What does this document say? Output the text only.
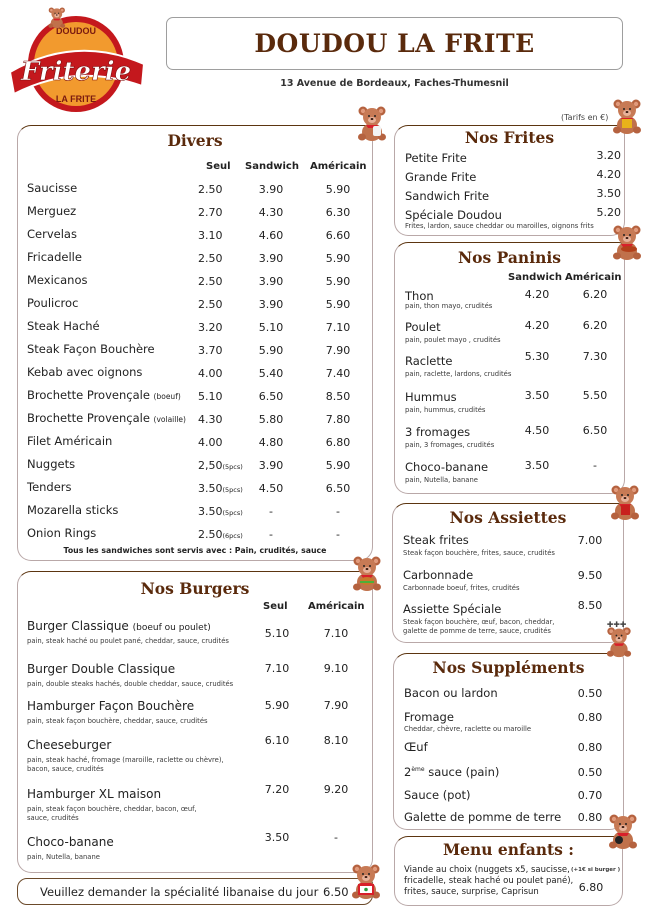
DOUDOU
Friterie
LA FRITE
DOUDOU LA FRITE
13 Avenue de Bordeaux, Faches-Thumesnil
(Tarifs en €)
Divers
Seul Sandwich Américain
Saucisse	2.50	3.90	5.90
Merguez	2.70	4.30	6.30
Cervelas	3.10	4.60	6.60
Fricadelle	2.50	3.90	5.90
Mexicanos	2.50	3.90	5.90
Poulicroc	2.50	3.90	5.90
Steak Haché	3.20	5.10	7.10
Steak Façon Bouchère	3.70	5.90	7.90
Kebab avec oignons	4.00	5.40	7.40
Brochette Provençale (boeuf) 5.10	6.50	8.50
Brochette Provençale (volaille) 4.30	5.80	7.80
Filet Américain	4.00	4.80	6.80
Nuggets	2,50(5pcs)	3.90	5.90
Tenders	3.50(5pcs)	4.50	6.50
Mozarella sticks	3.50(5pcs)	-	-
Onion Rings	2.50(6pcs)	-	-
Tous les sandwiches sont servis avec : Pain, crudités, sauce
Nos Burgers
Seul Américain
Burger Classique (boeuf ou poulet)
pain, steak haché ou poulet pané, cheddar, sauce, crudités
5.10	7.10
Burger Double Classique
pain, double steaks hachés, double cheddar, sauce, crudités
7.10	9.10
Hamburger Façon Bouchère
pain, steak façon bouchère, cheddar, sauce, crudités
5.90	7.90
Cheeseburger
pain, steak haché, fromage (maroille, raclette ou chèvre),
bacon, sauce, crudités
6.10	8.10
Hamburger XL maison
pain, steak façon bouchère, cheddar, bacon, œuf,
sauce, crudités
7.20	9.20
Choco-banane
pain, Nutella, banane
3.50	-
Veuillez demander la spécialité libanaise du jour 6.50
Nos Frites
Petite Frite	3.20
Grande Frite	4.20
Sandwich Frite	3.50
Spéciale Doudou
Frites, lardon, sauce cheddar ou maroilles, oignons frits
5.20
Nos Paninis
Sandwich Américain
Thon
pain, thon mayo, crudités
4.20	6.20
Poulet
pain, poulet mayo , crudités
4.20	6.20
Raclette
pain, raclette, lardons, crudités
5.30	7.30
Hummus
pain, hummus, crudités
3.50	5.50
3 fromages
pain, 3 fromages, crudités
4.50	6.50
Choco-banane
pain, Nutella, banane
3.50	-
Nos Assiettes
Steak frites
Steak façon bouchère, frites, sauce, crudités
7.00
Carbonnade
Carbonnade boeuf, frites, crudités
9.50
Assiette Spéciale
Steak façon bouchère, œuf, bacon, cheddar,
galette de pomme de terre, sauce, crudités
8.50
Nos Suppléments
Bacon ou lardon	0.50
Fromage
Cheddar, chèvre, raclette ou maroille
0.80
Œuf	0.80
2ème sauce (pain)	0.50
Sauce (pot)	0.70
Galette de pomme de terre	0.80
Menu enfants :
Viande au choix (nuggets x5, saucisse,
fricadelle, steak haché ou poulet pané),
frites, sauce, surprise, Caprisun
(+1€ si burger )
6.80
✚✚✚
